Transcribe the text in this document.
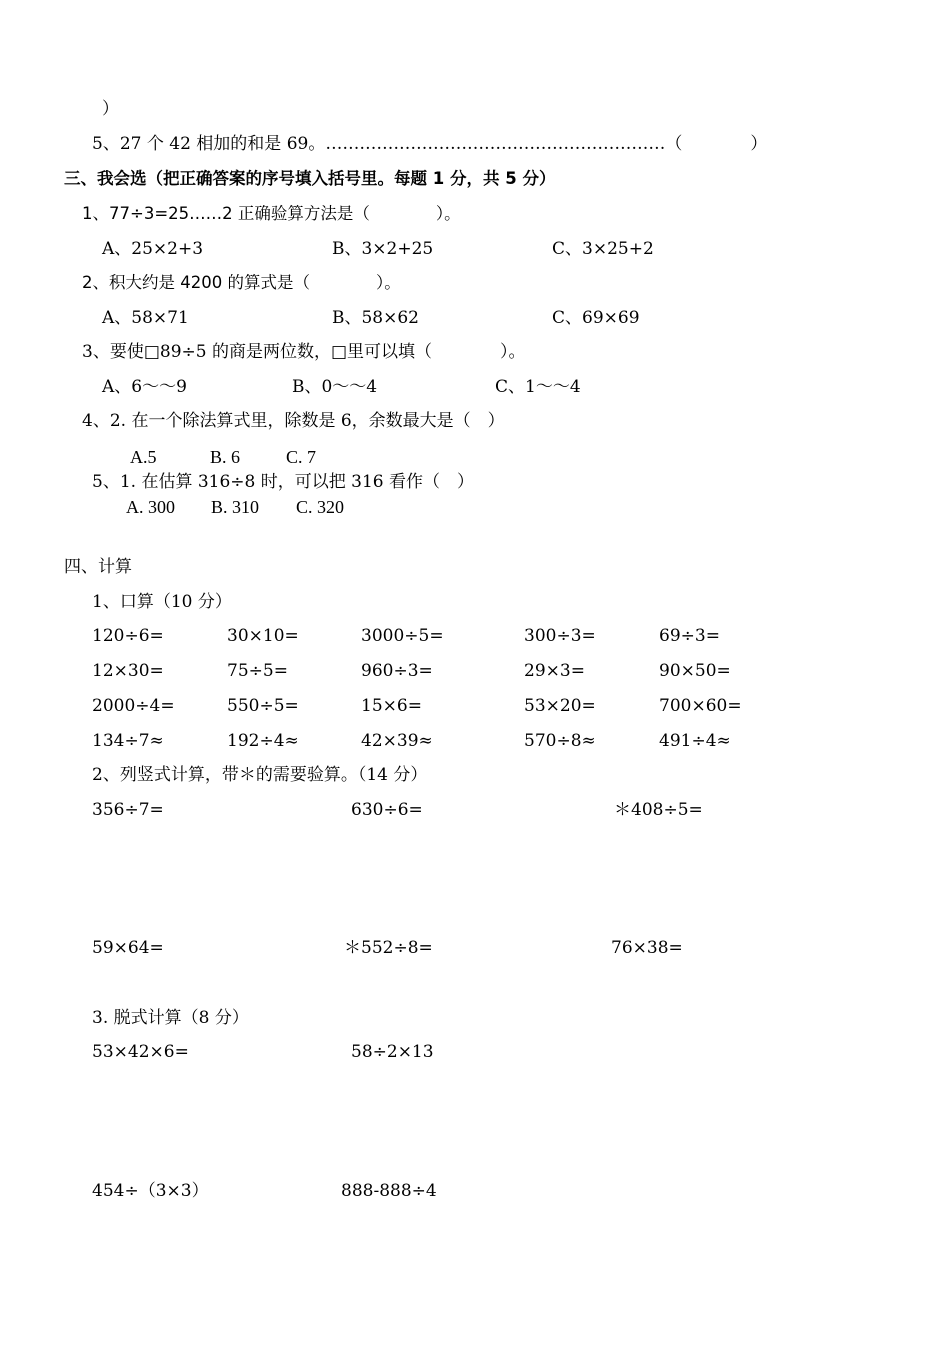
）
5、27 个 42 相加的和是 69。……………………………………………………（　　　　）
三、我会选（把正确答案的序号填入括号里。每题 1 分，共 5 分）
1、77÷3=25……2 正确验算方法是（　　　　）。
A、25×2+3	B、3×2+25	C、3×25+2
2、积大约是 4200 的算式是（　　　　）。
A、58×71	B、58×62	C、69×69
3、要使□89÷5 的商是两位数，□里可以填（　　　　）。
A、6～～9	B、0～～4	C、1～～4
4、2. 在一个除法算式里，除数是 6，余数最大是（　）
A.5	B. 6	C. 7
5、1. 在估算 316÷8 时，可以把 316 看作（　）
A. 300 B. 310 C. 320
四、计算
1、口算（10 分）
120÷6=	30×10=	3000÷5=	300÷3=	69÷3=
12×30=	75÷5=	960÷3=	29×3=	90×50=
2000÷4=	550÷5=	15×6=	53×20=	700×60=
134÷7≈	192÷4≈	42×39≈	570÷8≈	491÷4≈
2、列竖式计算，带＊的需要验算。（14 分）
356÷7=	630÷6=	＊408÷5=
59×64=	＊552÷8=	76×38=
3. 脱式计算（8 分）
53×42×6=	58÷2×13
454÷（3×3）	888-888÷4
